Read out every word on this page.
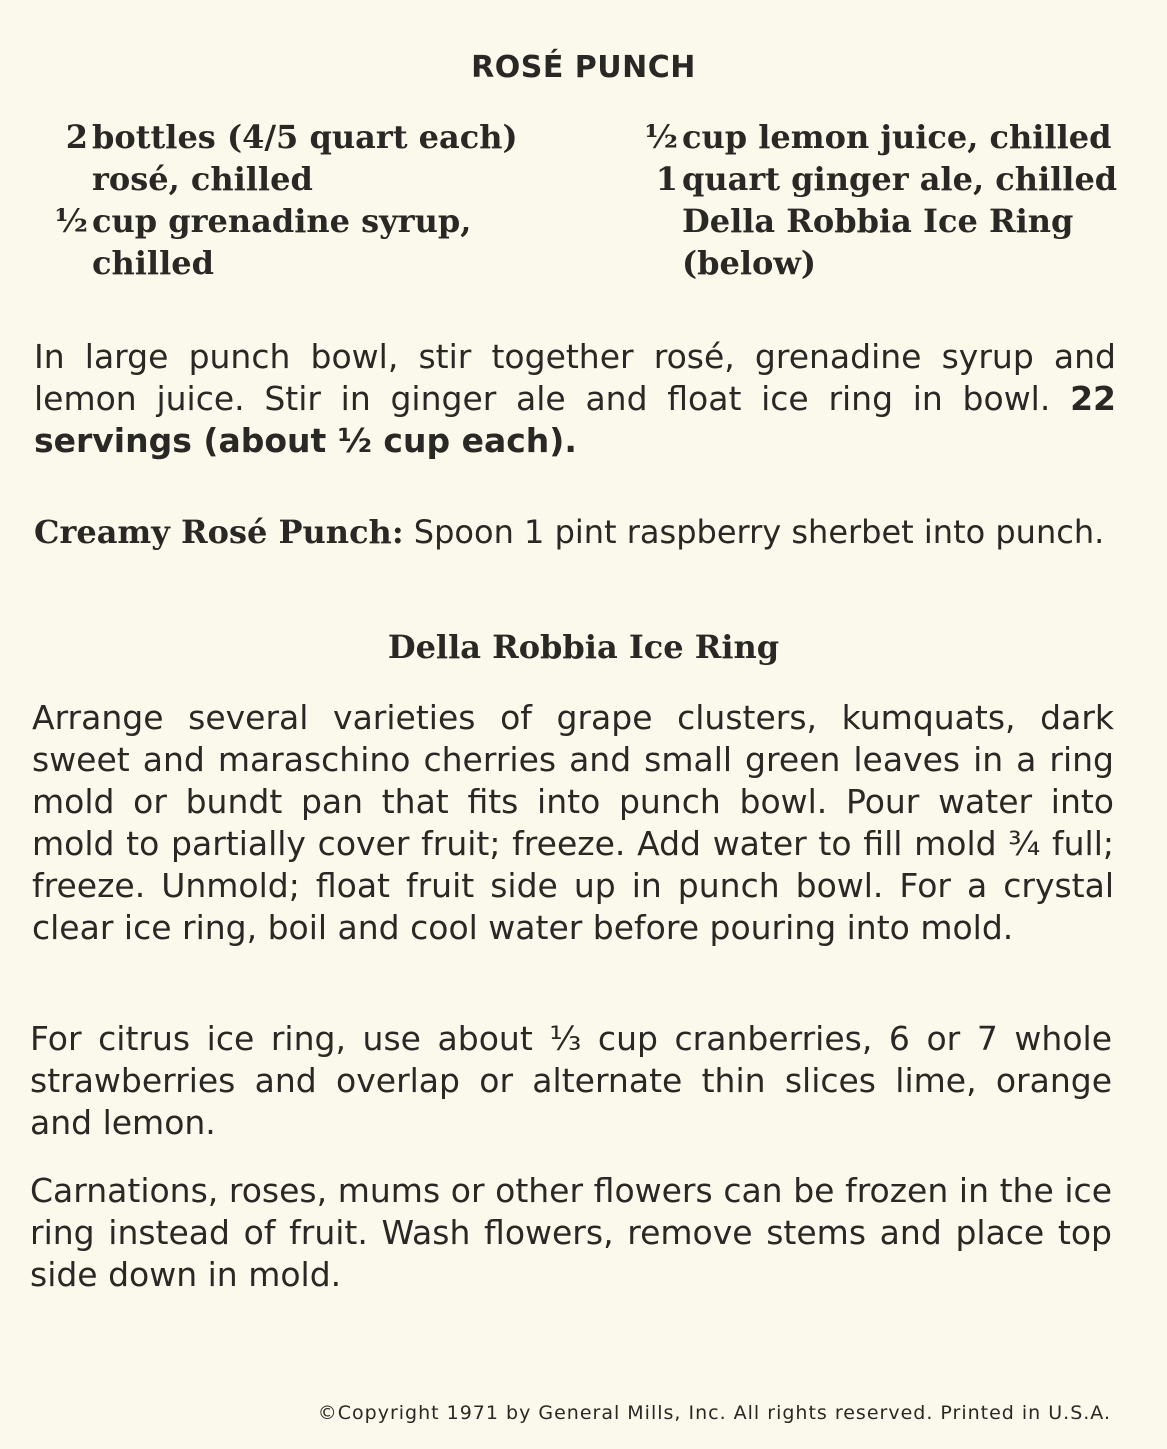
ROSÉ PUNCH
2 bottles (4/5 quart each) rosé, chilled
½ cup grenadine syrup, chilled
½ cup lemon juice, chilled
1 quart ginger ale, chilled
Della Robbia Ice Ring (below)

In large punch bowl, stir together rosé, grenadine syrup and lemon juice. Stir in ginger ale and float ice ring in bowl. 22 servings (about ½ cup each).

Creamy Rosé Punch: Spoon 1 pint raspberry sherbet into punch.

Della Robbia Ice Ring

Arrange several varieties of grape clusters, kumquats, dark sweet and maraschino cherries and small green leaves in a ring mold or bundt pan that fits into punch bowl. Pour water into mold to partially cover fruit; freeze. Add water to fill mold ¾ full; freeze. Unmold; float fruit side up in punch bowl. For a crystal clear ice ring, boil and cool water before pouring into mold.

For citrus ice ring, use about ⅓ cup cranberries, 6 or 7 whole strawberries and overlap or alternate thin slices lime, orange and lemon.

Carnations, roses, mums or other flowers can be frozen in the ice ring instead of fruit. Wash flowers, remove stems and place top side down in mold.

©Copyright 1971 by General Mills, Inc. All rights reserved. Printed in U.S.A.
